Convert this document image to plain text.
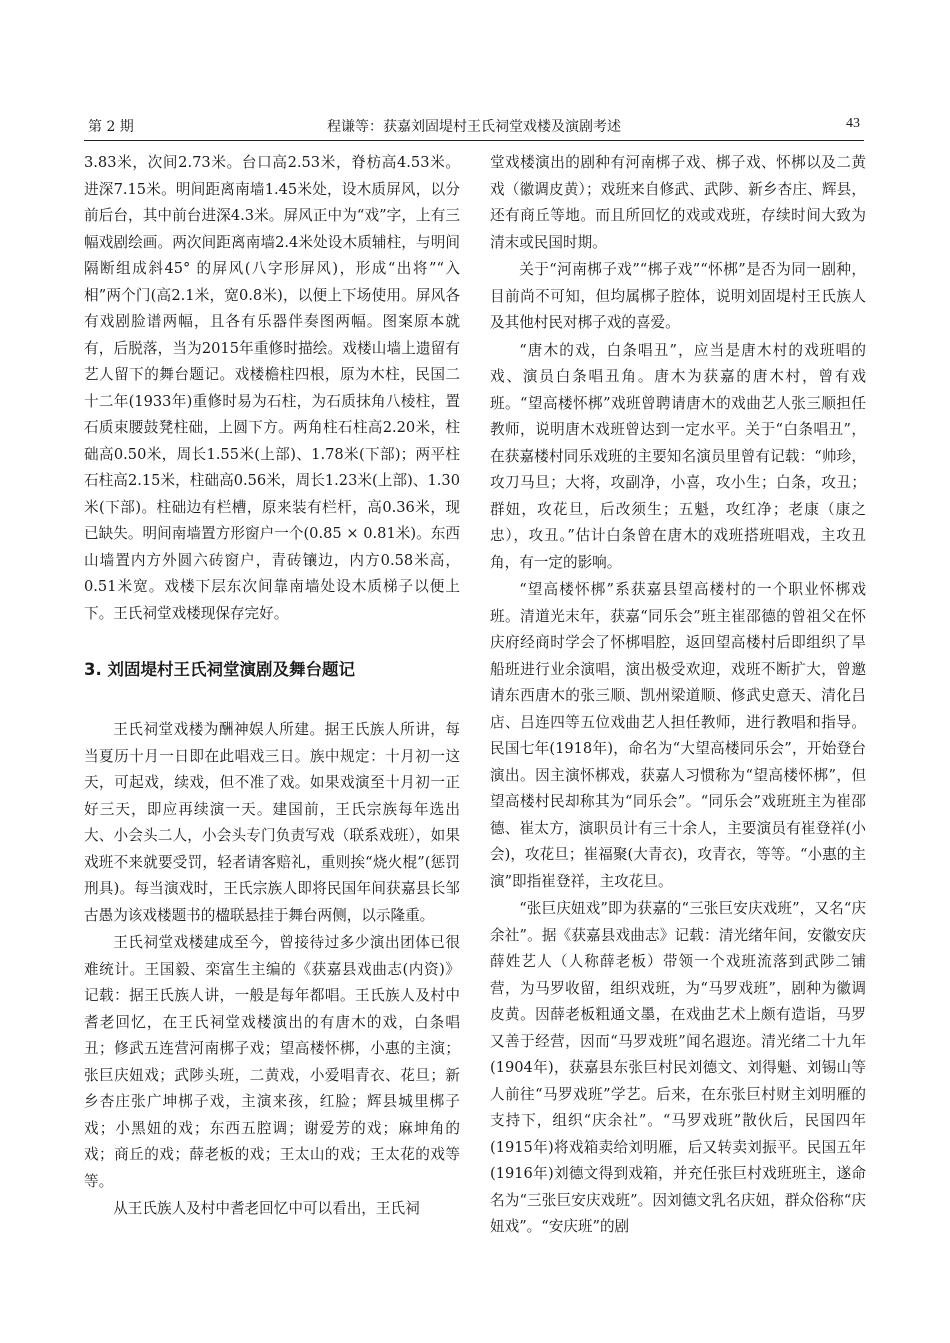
第 2 期	程谦等：获嘉刘固堤村王氏祠堂戏楼及演剧考述	43

3.83米，次间2.73米。台口高2.53米，脊枋高4.53米。进深7.15米。明间距离南墙1.45米处，设木质屏风，以分前后台，其中前台进深4.3米。屏风正中为“戏”字，上有三幅戏剧绘画。两次间距离南墙2.4米处设木质辅柱，与明间隔断组成斜45° 的屏风(八字形屏风)，形成“出将”“入相”两个门(高2.1米，宽0.8米)，以便上下场使用。屏风各有戏剧脸谱两幅，且各有乐器伴奏图两幅。图案原本就有，后脱落，当为2015年重修时描绘。戏楼山墙上遗留有艺人留下的舞台题记。戏楼檐柱四根，原为木柱，民国二十二年(1933年)重修时易为石柱，为石质抹角八棱柱，置石质束腰鼓凳柱础，上圆下方。两角柱石柱高2.20米，柱础高0.50米，周长1.55米(上部)、1.78米(下部)；两平柱石柱高2.15米，柱础高0.56米，周长1.23米(上部)、1.30米(下部)。柱础边有栏槽，原来装有栏杆，高0.36米，现已缺失。明间南墙置方形窗户一个(0.85 × 0.81米)。东西山墙置内方外圆六砖窗户，青砖镶边，内方0.58米高，0.51米宽。戏楼下层东次间靠南墙处设木质梯子以便上下。王氏祠堂戏楼现保存完好。

3. 刘固堤村王氏祠堂演剧及舞台题记

王氏祠堂戏楼为酬神娱人所建。据王氏族人所讲，每当夏历十月一日即在此唱戏三日。族中规定：十月初一这天，可起戏，续戏，但不准了戏。如果戏演至十月初一正好三天，即应再续演一天。建国前，王氏宗族每年选出大、小会头二人，小会头专门负责写戏（联系戏班），如果戏班不来就要受罚，轻者请客赔礼，重则挨“烧火棍”(惩罚刑具)。每当演戏时，王氏宗族人即将民国年间获嘉县长邹古愚为该戏楼题书的楹联悬挂于舞台两侧，以示隆重。

王氏祠堂戏楼建成至今，曾接待过多少演出团体已很难统计。王国毅、栾富生主编的《获嘉县戏曲志(内资)》记载：据王氏族人讲，一般是每年都唱。王氏族人及村中耆老回忆，在王氏祠堂戏楼演出的有唐木的戏，白条唱丑；修武五连营河南梆子戏；望高楼怀梆，小惠的主演；张巨庆妞戏；武陟头班，二黄戏，小爱唱青衣、花旦；新乡杏庄张广坤梆子戏，主演来孩，红脸；辉县城里梆子戏；小黑妞的戏；东西五腔调；谢爱芳的戏；麻坤角的戏；商丘的戏；薛老板的戏；王太山的戏；王太花的戏等等。

从王氏族人及村中耆老回忆中可以看出，王氏祠

堂戏楼演出的剧种有河南梆子戏、梆子戏、怀梆以及二黄戏（徽调皮黄）；戏班来自修武、武陟、新乡杏庄、辉县，还有商丘等地。而且所回忆的戏或戏班，存续时间大致为清末或民国时期。

关于“河南梆子戏”“梆子戏”“怀梆”是否为同一剧种，目前尚不可知，但均属梆子腔体，说明刘固堤村王氏族人及其他村民对梆子戏的喜爱。

“唐木的戏，白条唱丑”，应当是唐木村的戏班唱的戏、演员白条唱丑角。唐木为获嘉的唐木村，曾有戏班。“望高楼怀梆”戏班曾聘请唐木的戏曲艺人张三顺担任教师，说明唐木戏班曾达到一定水平。关于“白条唱丑”，在获嘉楼村同乐戏班的主要知名演员里曾有记载：“帅珍，攻刀马旦；大将，攻副净，小喜，攻小生；白条，攻丑；群妞，攻花旦，后改须生；五魁，攻红净；老康（康之忠），攻丑。”估计白条曾在唐木的戏班搭班唱戏，主攻丑角，有一定的影响。

“望高楼怀梆”系获嘉县望高楼村的一个职业怀梆戏班。清道光末年，获嘉“同乐会”班主崔邵德的曾祖父在怀庆府经商时学会了怀梆唱腔，返回望高楼村后即组织了旱船班进行业余演唱，演出极受欢迎，戏班不断扩大，曾邀请东西唐木的张三顺、凯州梁道顺、修武史意天、清化吕店、吕连四等五位戏曲艺人担任教师，进行教唱和指导。民国七年(1918年)，命名为“大望高楼同乐会”，开始登台演出。因主演怀梆戏，获嘉人习惯称为“望高楼怀梆”，但望高楼村民却称其为“同乐会”。“同乐会”戏班班主为崔邵德、崔太方，演职员计有三十余人，主要演员有崔登祥(小会)，攻花旦；崔福聚(大青衣)，攻青衣，等等。“小惠的主演”即指崔登祥，主攻花旦。

“张巨庆妞戏”即为获嘉的“三张巨安庆戏班”，又名“庆余社”。据《获嘉县戏曲志》记载：清光绪年间，安徽安庆薛姓艺人（人称薛老板）带领一个戏班流落到武陟二铺营，为马罗收留，组织戏班，为“马罗戏班”，剧种为徽调皮黄。因薛老板粗通文墨，在戏曲艺术上颇有造诣，马罗又善于经营，因而“马罗戏班”闻名遐迩。清光绪二十九年(1904年)，获嘉县东张巨村民刘德文、刘得魁、刘锡山等人前往“马罗戏班”学艺。后来，在东张巨村财主刘明雁的支持下，组织“庆余社”。“马罗戏班”散伙后，民国四年(1915年)将戏箱卖给刘明雁，后又转卖刘振平。民国五年(1916年)刘德文得到戏箱，并充任张巨村戏班班主，遂命名为“三张巨安庆戏班”。因刘德文乳名庆妞，群众俗称“庆妞戏”。“安庆班”的剧
